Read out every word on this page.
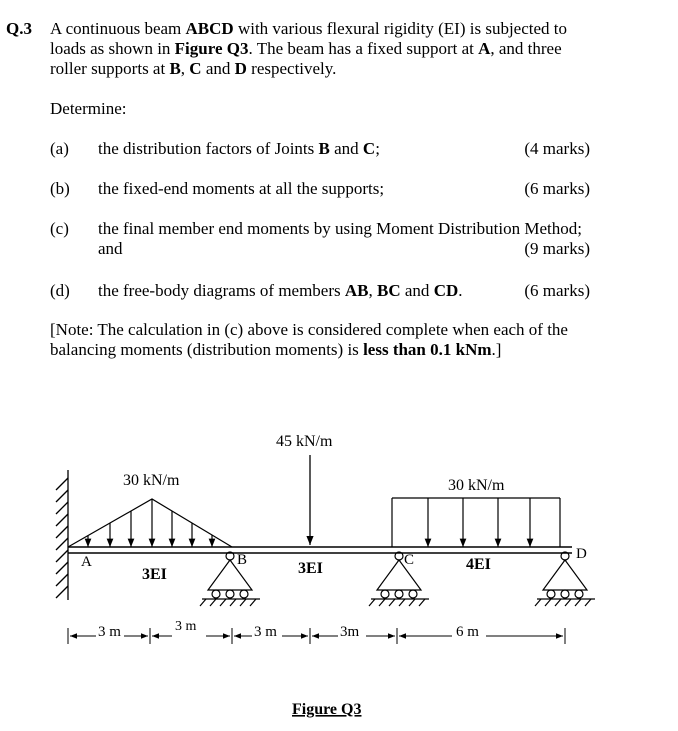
Q.3 A continuous beam ABCD with various flexural rigidity (EI) is subjected to
loads as shown in Figure Q3. The beam has a fixed support at A, and three
roller supports at B, C and D respectively.
Determine:
(a) the distribution factors of Joints B and C;	(4 marks)
(b) the fixed-end moments at all the supports;	(6 marks)
(c) the final member end moments by using Moment Distribution Method;
and	(9 marks)
(d) the free-body diagrams of members AB, BC and CD.	(6 marks)
[Note: The calculation in (c) above is considered complete when each of the
balancing moments (distribution moments) is less than 0.1 kNm.]
30 kN/m
45 kN/m
30 kN/m
A	B	C	D
3EI	3EI	4EI
3 m	3 m	3 m	3m	6 m
Figure Q3
